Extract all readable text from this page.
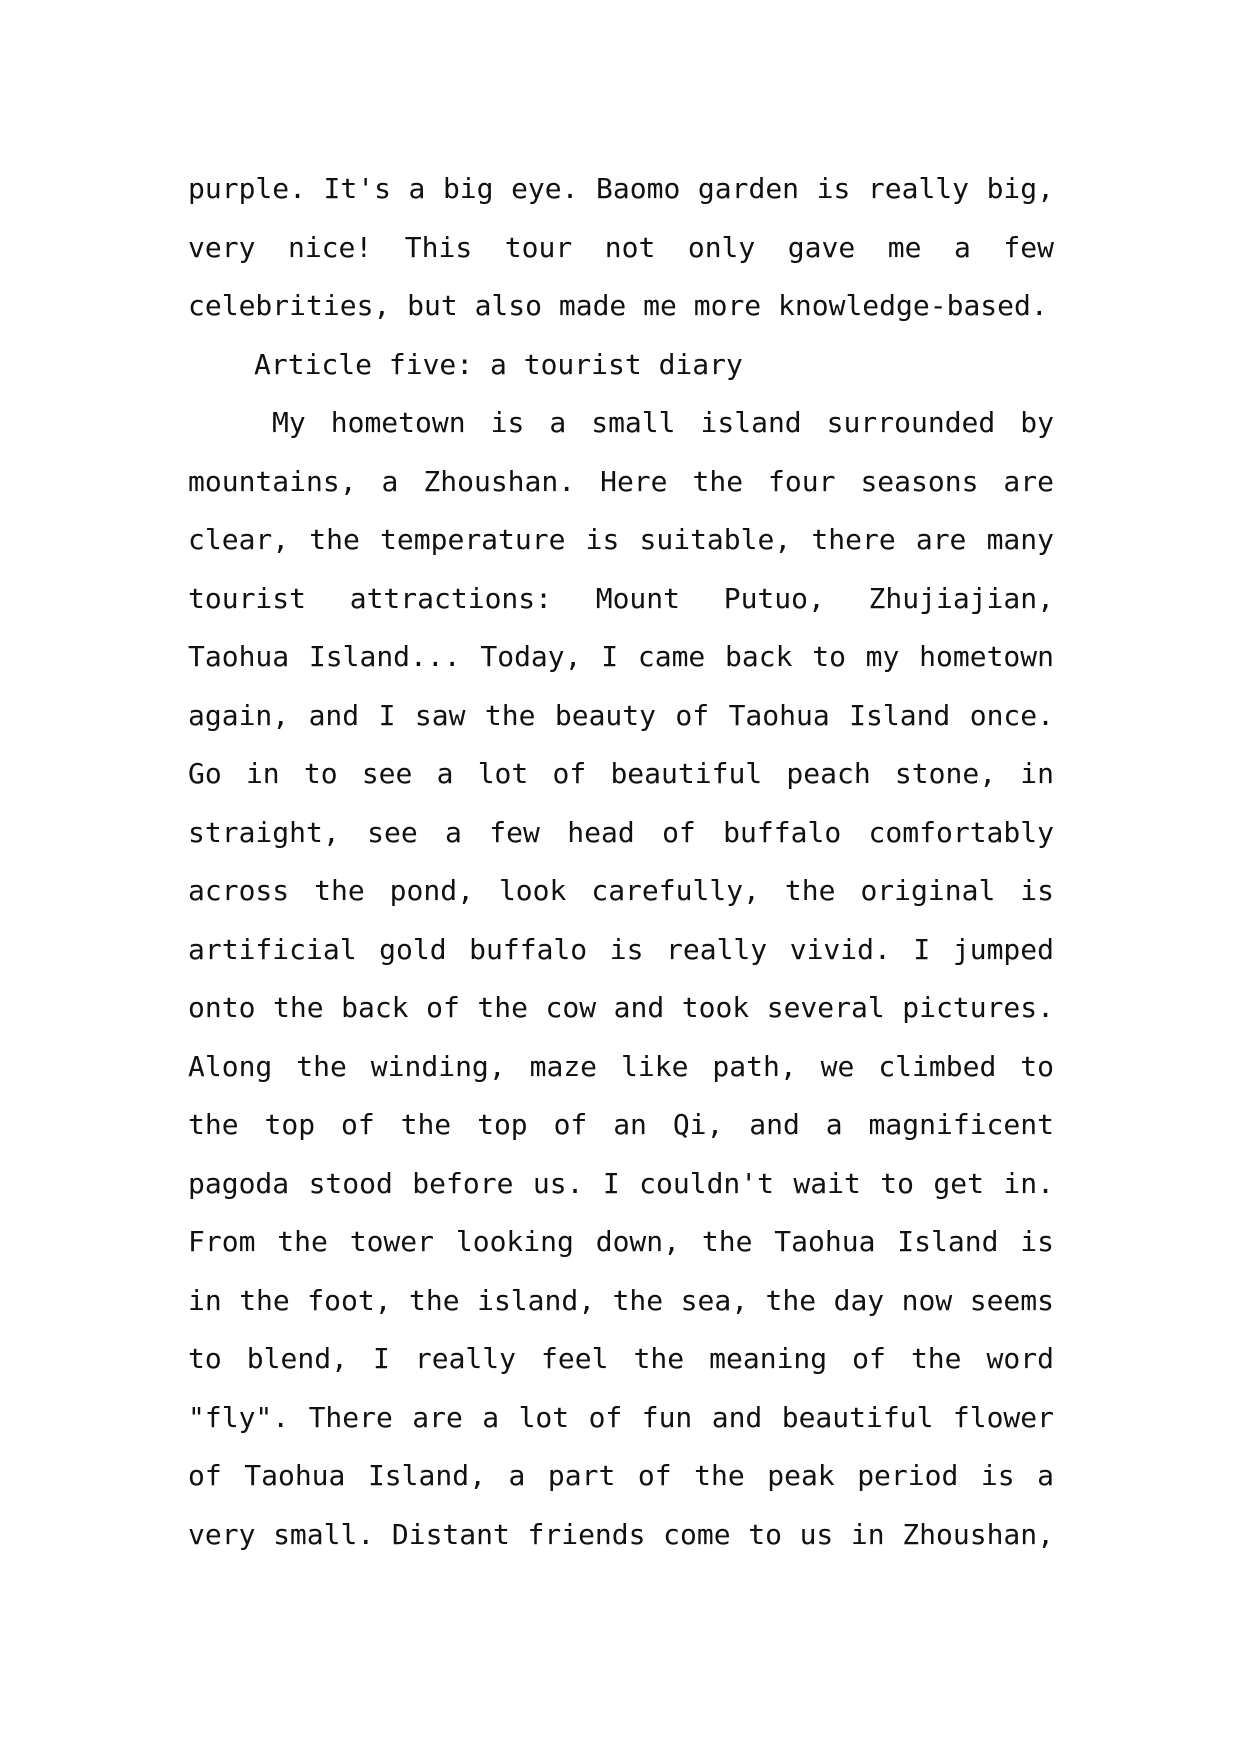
purple. It's a big eye. Baomo garden is really big,
very nice! This tour not only gave me a few
celebrities, but also made me more knowledge-based.
Article five: a tourist diary
My hometown is a small island surrounded by
mountains, a Zhoushan. Here the four seasons are
clear, the temperature is suitable, there are many
tourist attractions: Mount Putuo, Zhujiajian,
Taohua Island... Today, I came back to my hometown
again, and I saw the beauty of Taohua Island once.
Go in to see a lot of beautiful peach stone, in
straight, see a few head of buffalo comfortably
across the pond, look carefully, the original is
artificial gold buffalo is really vivid. I jumped
onto the back of the cow and took several pictures.
Along the winding, maze like path, we climbed to
the top of the top of an Qi, and a magnificent
pagoda stood before us. I couldn't wait to get in.
From the tower looking down, the Taohua Island is
in the foot, the island, the sea, the day now seems
to blend, I really feel the meaning of the word
"fly". There are a lot of fun and beautiful flower
of Taohua Island, a part of the peak period is a
very small. Distant friends come to us in Zhoushan,
